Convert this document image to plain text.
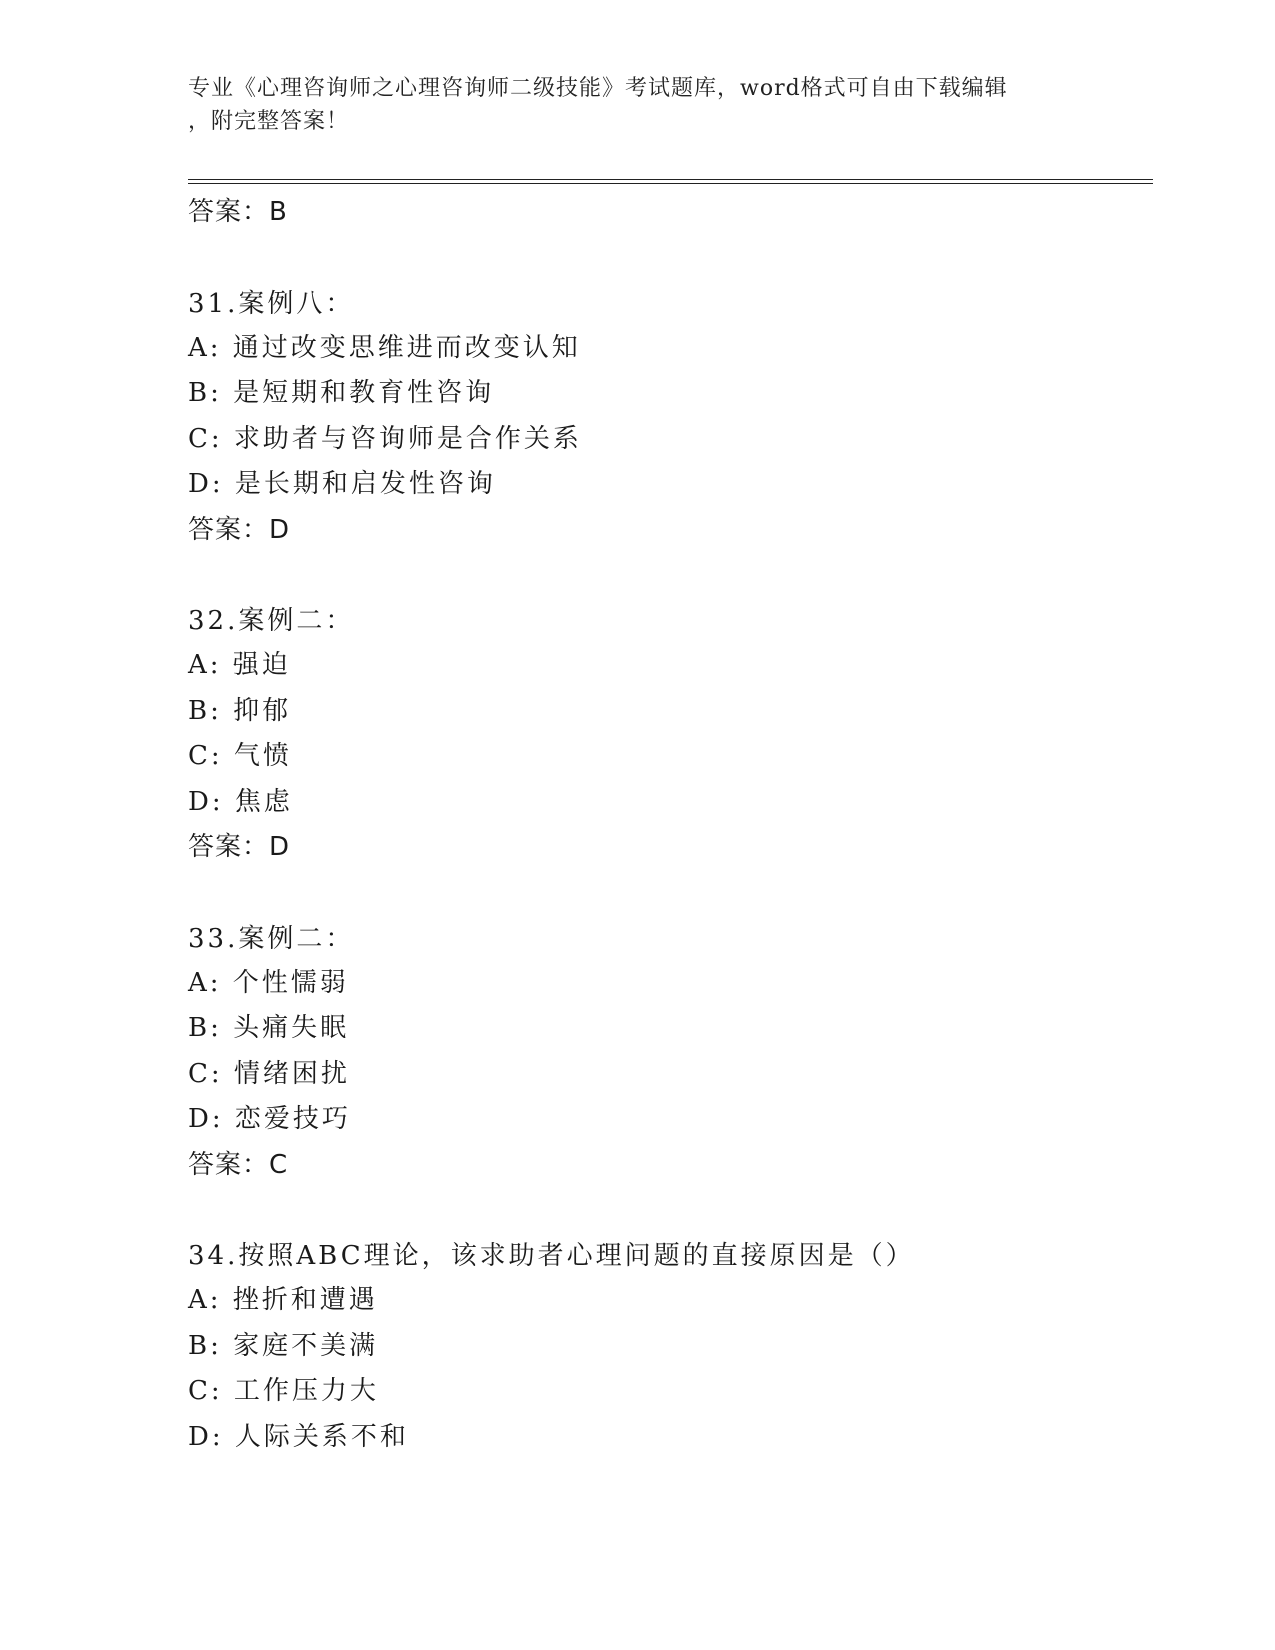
专业《心理咨询师之心理咨询师二级技能》考试题库，word格式可自由下载编辑
，附完整答案！
答案：B
31.案例八：
A: 通过改变思维进而改变认知
B: 是短期和教育性咨询
C: 求助者与咨询师是合作关系
D: 是长期和启发性咨询
答案：D
32.案例二：
A: 强迫
B: 抑郁
C: 气愤
D: 焦虑
答案：D
33.案例二：
A: 个性懦弱
B: 头痛失眠
C: 情绪困扰
D: 恋爱技巧
答案：C
34.按照ABC理论，该求助者心理问题的直接原因是（）
A: 挫折和遭遇
B: 家庭不美满
C: 工作压力大
D: 人际关系不和
